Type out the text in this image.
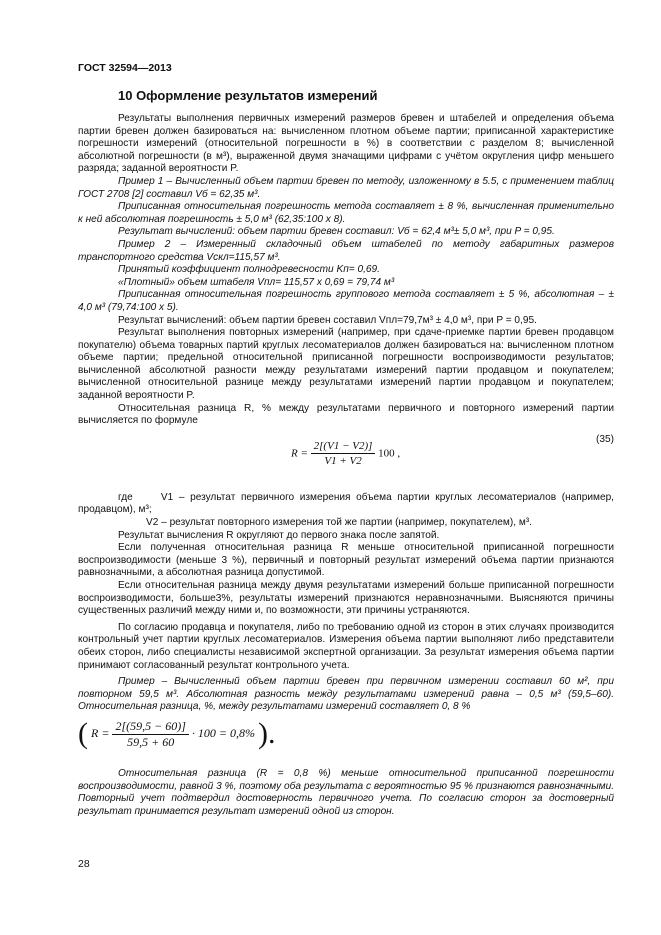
ГОСТ 32594—2013
10 Оформление результатов измерений

Результаты выполнения первичных измерений размеров бревен и штабелей и определения объема партии бревен должен базироваться на: вычисленном плотном объеме партии; приписанной характеристике погрешности измерений (относительной погрешности в %) в соответствии с разделом 8; вычисленной абсолютной погрешности (в м³), выраженной двумя значащими цифрами с учётом округления цифр меньшего разряда; заданной вероятности P.

Пример 1 – Вычисленный объем партии бревен по методу, изложенному в 5.5, с применением таблиц ГОСТ 2708 [2] составил Vб = 62,35 м³.

Приписанная относительная погрешность метода составляет ± 8 %, вычисленная применительно к ней абсолютная погрешность ± 5,0 м³ (62,35:100 x 8).

Результат вычислений: объем партии бревен составил: Vб = 62,4 м³± 5,0 м³, при P = 0,95.

Пример 2 – Измеренный складочный объем штабелей по методу габаритных размеров транспортного средства Vскл=115,57 м³.

Принятый коэффициент полнодревесности Kп= 0,69.

«Плотный» объем штабеля Vпл= 115,57 x 0,69 = 79,74 м³

Приписанная относительная погрешность группового метода составляет ± 5 %, абсолютная – ± 4,0 м³ (79,74:100 x 5).

Результат вычислений: объем партии бревен составил Vпл=79,7м³ ± 4,0 м³, при P = 0,95.

Результат выполнения повторных измерений (например, при сдаче-приемке партии бревен продавцом покупателю) объема товарных партий круглых лесоматериалов должен базироваться на: вычисленном плотном объеме партии; предельной относительной приписанной погрешности воспроизводимости результатов; вычисленной абсолютной разности между результатами измерений партии продавцом и покупателем; вычисленной относительной разнице между результатами измерений партии продавцом и покупателем; заданной вероятности P.

Относительная разница R, % между результатами первичного и повторного измерений партии вычисляется по формуле

$R = \frac{2[(V1 - V2)]}{V1 + V2} 100$ ,
(35)

где	V1 – результат первичного измерения объема партии круглых лесоматериалов (например, продавцом), м³;

V2 – результат повторного измерения той же партии (например, покупателем), м³.

Результат вычисления R округляют до первого знака после запятой.

Если полученная относительная разница R меньше относительной приписанной погрешности воспроизводимости (меньше 3 %), первичный и повторный результат измерений объема партии признаются равнозначными, а абсолютная разница допустимой.

Если относительная разница между двумя результатами измерений больше приписанной погрешности воспроизводимости, больше3%, результаты измерений признаются неравнозначными. Выясняются причины существенных различий между ними и, по возможности, эти причины устраняются.

По согласию продавца и покупателя, либо по требованию одной из сторон в этих случаях производится контрольный учет партии круглых лесоматериалов. Измерения объема партии выполняют либо представители обеих сторон, либо специалисты независимой экспертной организации. За результат измерения объема партии принимают согласованный результат контрольного учета.

Пример – Вычисленный объем партии бревен при первичном измерении составил 60 м², при повторном 59,5 м³. Абсолютная разность между результатами измерений равна – 0,5 м³ (59,5–60). Относительная разница, %, между результатами измерений составляет 0, 8 %

( $R = \frac{2[(59,5 - 60)]}{59,5 + 60} \cdot 100 = 0,8\%$ ).

Относительная разница (R = 0,8 %) меньше относительной приписанной погрешности воспроизводимости, равной 3 %, поэтому оба результата с вероятностью 95 % признаются равнозначными. Повторный учет подтвердил достоверность первичного учета. По согласию сторон за достоверный результат принимается результат измерений одной из сторон.

28
